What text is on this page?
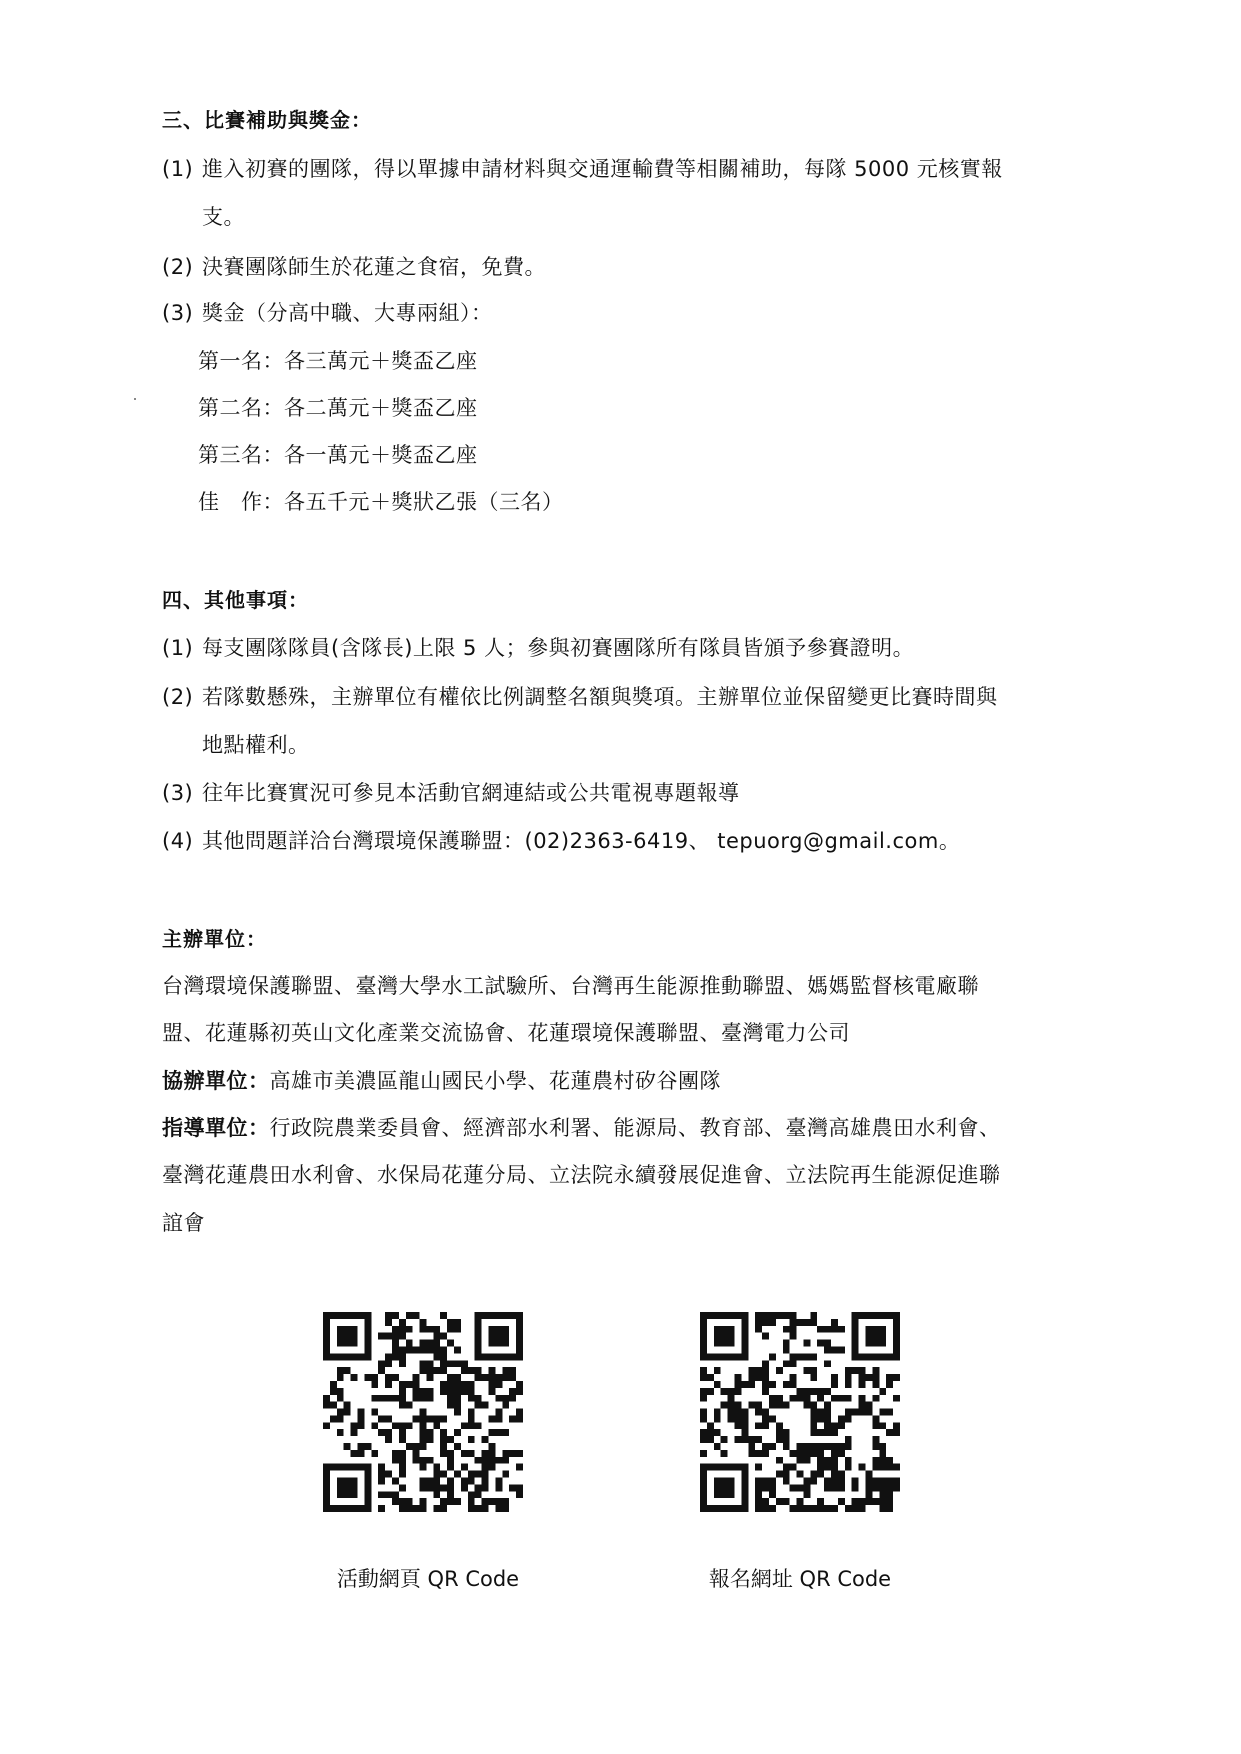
三、比賽補助與獎金：
(1) 進入初賽的團隊，得以單據申請材料與交通運輸費等相關補助，每隊 5000 元核實報
支。
(2) 決賽團隊師生於花蓮之食宿，免費。
(3) 獎金（分高中職、大專兩組）：
第一名：各三萬元＋獎盃乙座
第二名：各二萬元＋獎盃乙座
第三名：各一萬元＋獎盃乙座
佳　作：各五千元＋獎狀乙張（三名）
四、其他事項：
(1) 每支團隊隊員(含隊長)上限 5 人；參與初賽團隊所有隊員皆頒予參賽證明。
(2) 若隊數懸殊，主辦單位有權依比例調整名額與獎項。主辦單位並保留變更比賽時間與
地點權利。
(3) 往年比賽實況可參見本活動官網連結或公共電視專題報導
(4) 其他問題詳洽台灣環境保護聯盟：(02)2363-6419、 tepuorg@gmail.com。
主辦單位：
台灣環境保護聯盟、臺灣大學水工試驗所、台灣再生能源推動聯盟、媽媽監督核電廠聯
盟、花蓮縣初英山文化產業交流協會、花蓮環境保護聯盟、臺灣電力公司
協辦單位：高雄市美濃區龍山國民小學、花蓮農村矽谷團隊
指導單位：行政院農業委員會、經濟部水利署、能源局、教育部、臺灣高雄農田水利會、
臺灣花蓮農田水利會、水保局花蓮分局、立法院永續發展促進會、立法院再生能源促進聯
誼會
活動網頁 QR Code	報名網址 QR Code
